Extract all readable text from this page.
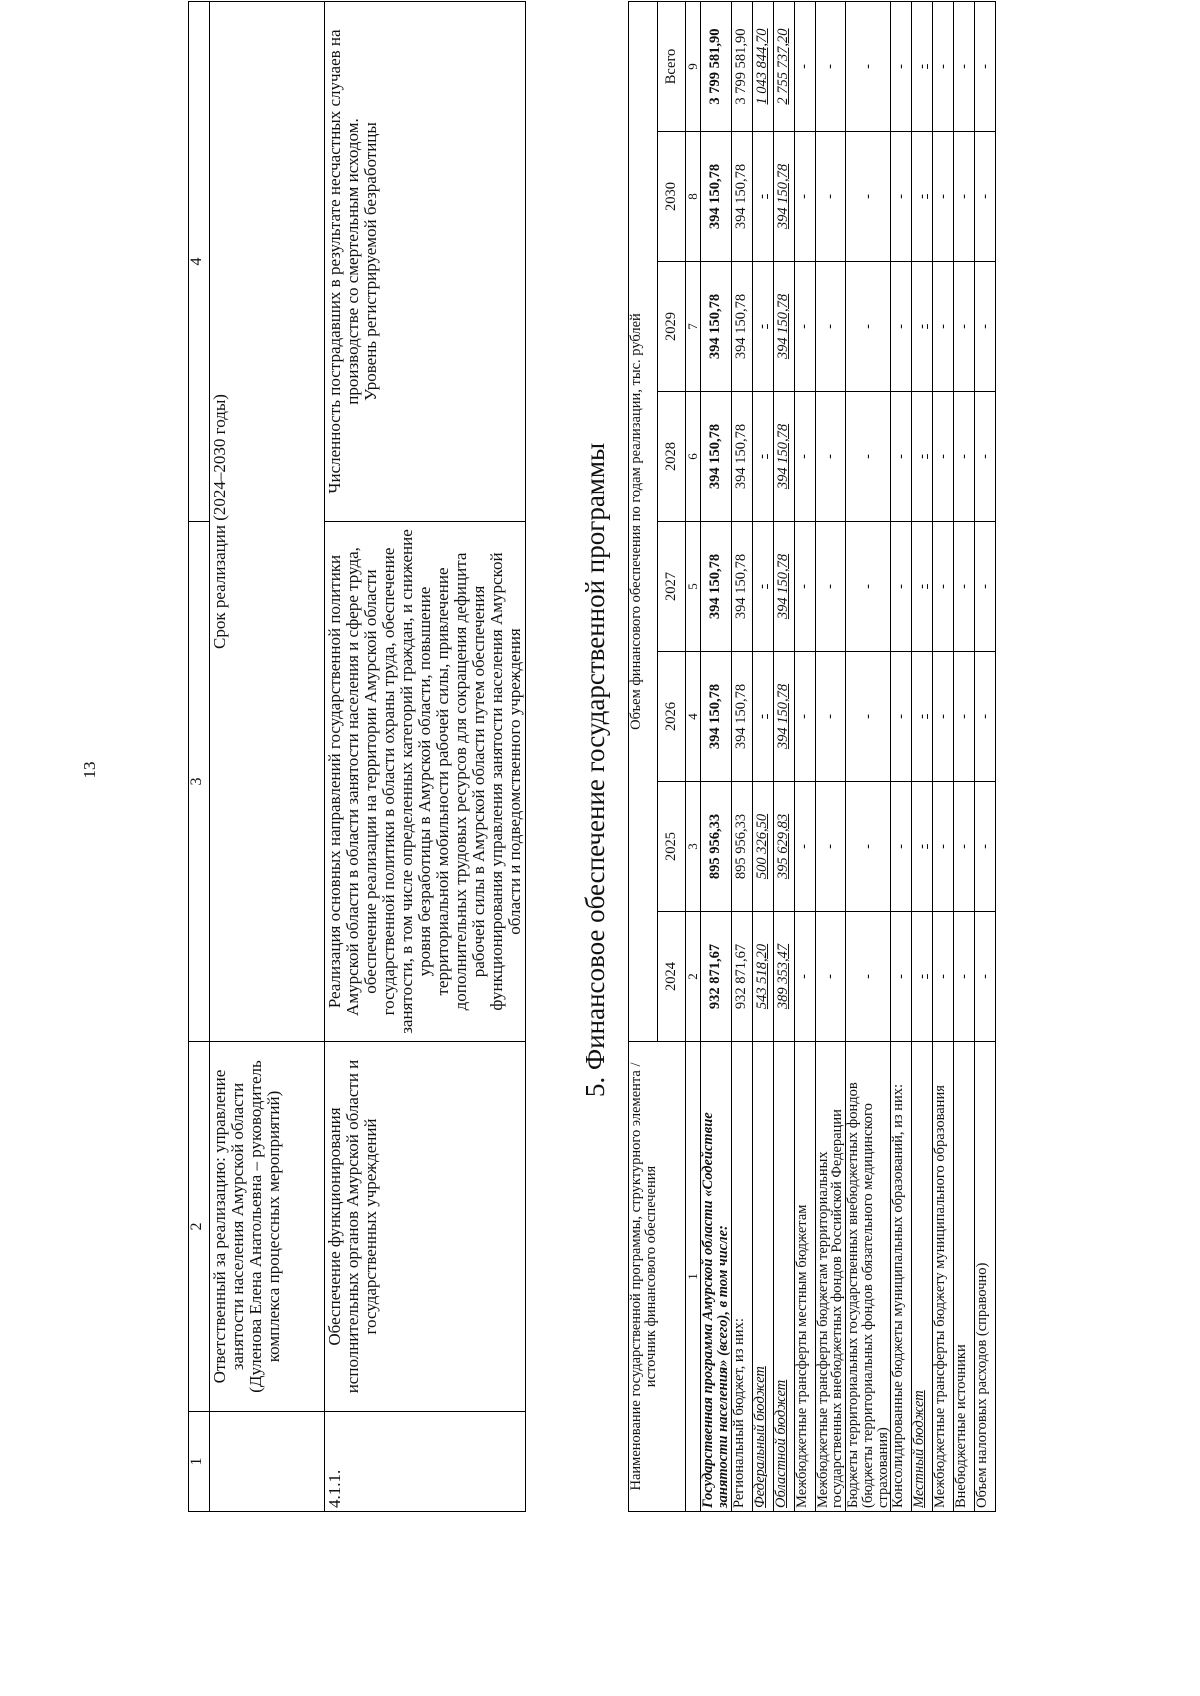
13
1	2	3	4
	Ответственный за реализацию: управление занятости населения Амурской области (Дуленова Елена Анатольевна – руководитель комплекса процессных мероприятий)	Срок реализации (2024–2030 годы)	
4.1.1.	Обеспечение функционирования исполнительных органов Амурской области и государственных учреждений	Реализация основных направлений государственной политики Амурской области в области занятости населения и сфере труда, обеспечение реализации на территории Амурской области государственной политики в области охраны труда, обеспечение занятости, в том числе определенных категорий граждан, и снижение уровня безработицы в Амурской области, повышение территориальной мобильности рабочей силы, привлечение дополнительных трудовых ресурсов для сокращения дефицита рабочей силы в Амурской области путем обеспечения функционирования управления занятости населения Амурской области и подведомственного учреждения	Численность пострадавших в результате несчастных случаев на производстве со смертельным исходом.
Уровень регистрируемой безработицы
5. Финансовое обеспечение государственной программы
Наименование государственной программы, структурного элемента / источник финансового обеспечения	Объем финансового обеспечения по годам реализации, тыс. рублей							
	2024	2025	2026	2027	2028	2029	2030	Всего
1	2	3	4	5	6	7	8	9
Государственная программа Амурской области «Содействие занятости населения» (всего), в том числе:	932 871,67	895 956,33	394 150,78	394 150,78	394 150,78	394 150,78	394 150,78	3 799 581,90
Региональный бюджет, из них:	932 871,67	895 956,33	394 150,78	394 150,78	394 150,78	394 150,78	394 150,78	3 799 581,90
Федеральный бюджет	543 518,20	500 326,50	-	-	-	-	-	1 043 844,70
Областной бюджет	389 353,47	395 629,83	394 150,78	394 150,78	394 150,78	394 150,78	394 150,78	2 755 737,20
Межбюджетные трансферты местным бюджетам	-	-	-	-	-	-	-	-
Межбюджетные трансферты бюджетам территориальных государственных внебюджетных фондов Российской Федерации	-	-	-	-	-	-	-	-
Бюджеты территориальных государственных внебюджетных фондов (бюджеты территориальных фондов обязательного медицинского страхования)	-	-	-	-	-	-	-	-
Консолидированные бюджеты муниципальных образований, из них:	-	-	-	-	-	-	-	-
Местный бюджет	-	-	-	-	-	-	-	-
Межбюджетные трансферты бюджету муниципального образования	-	-	-	-	-	-	-	-
Внебюджетные источники	-	-	-	-	-	-	-	-
Объем налоговых расходов (справочно)	-	-	-	-	-	-	-	-
